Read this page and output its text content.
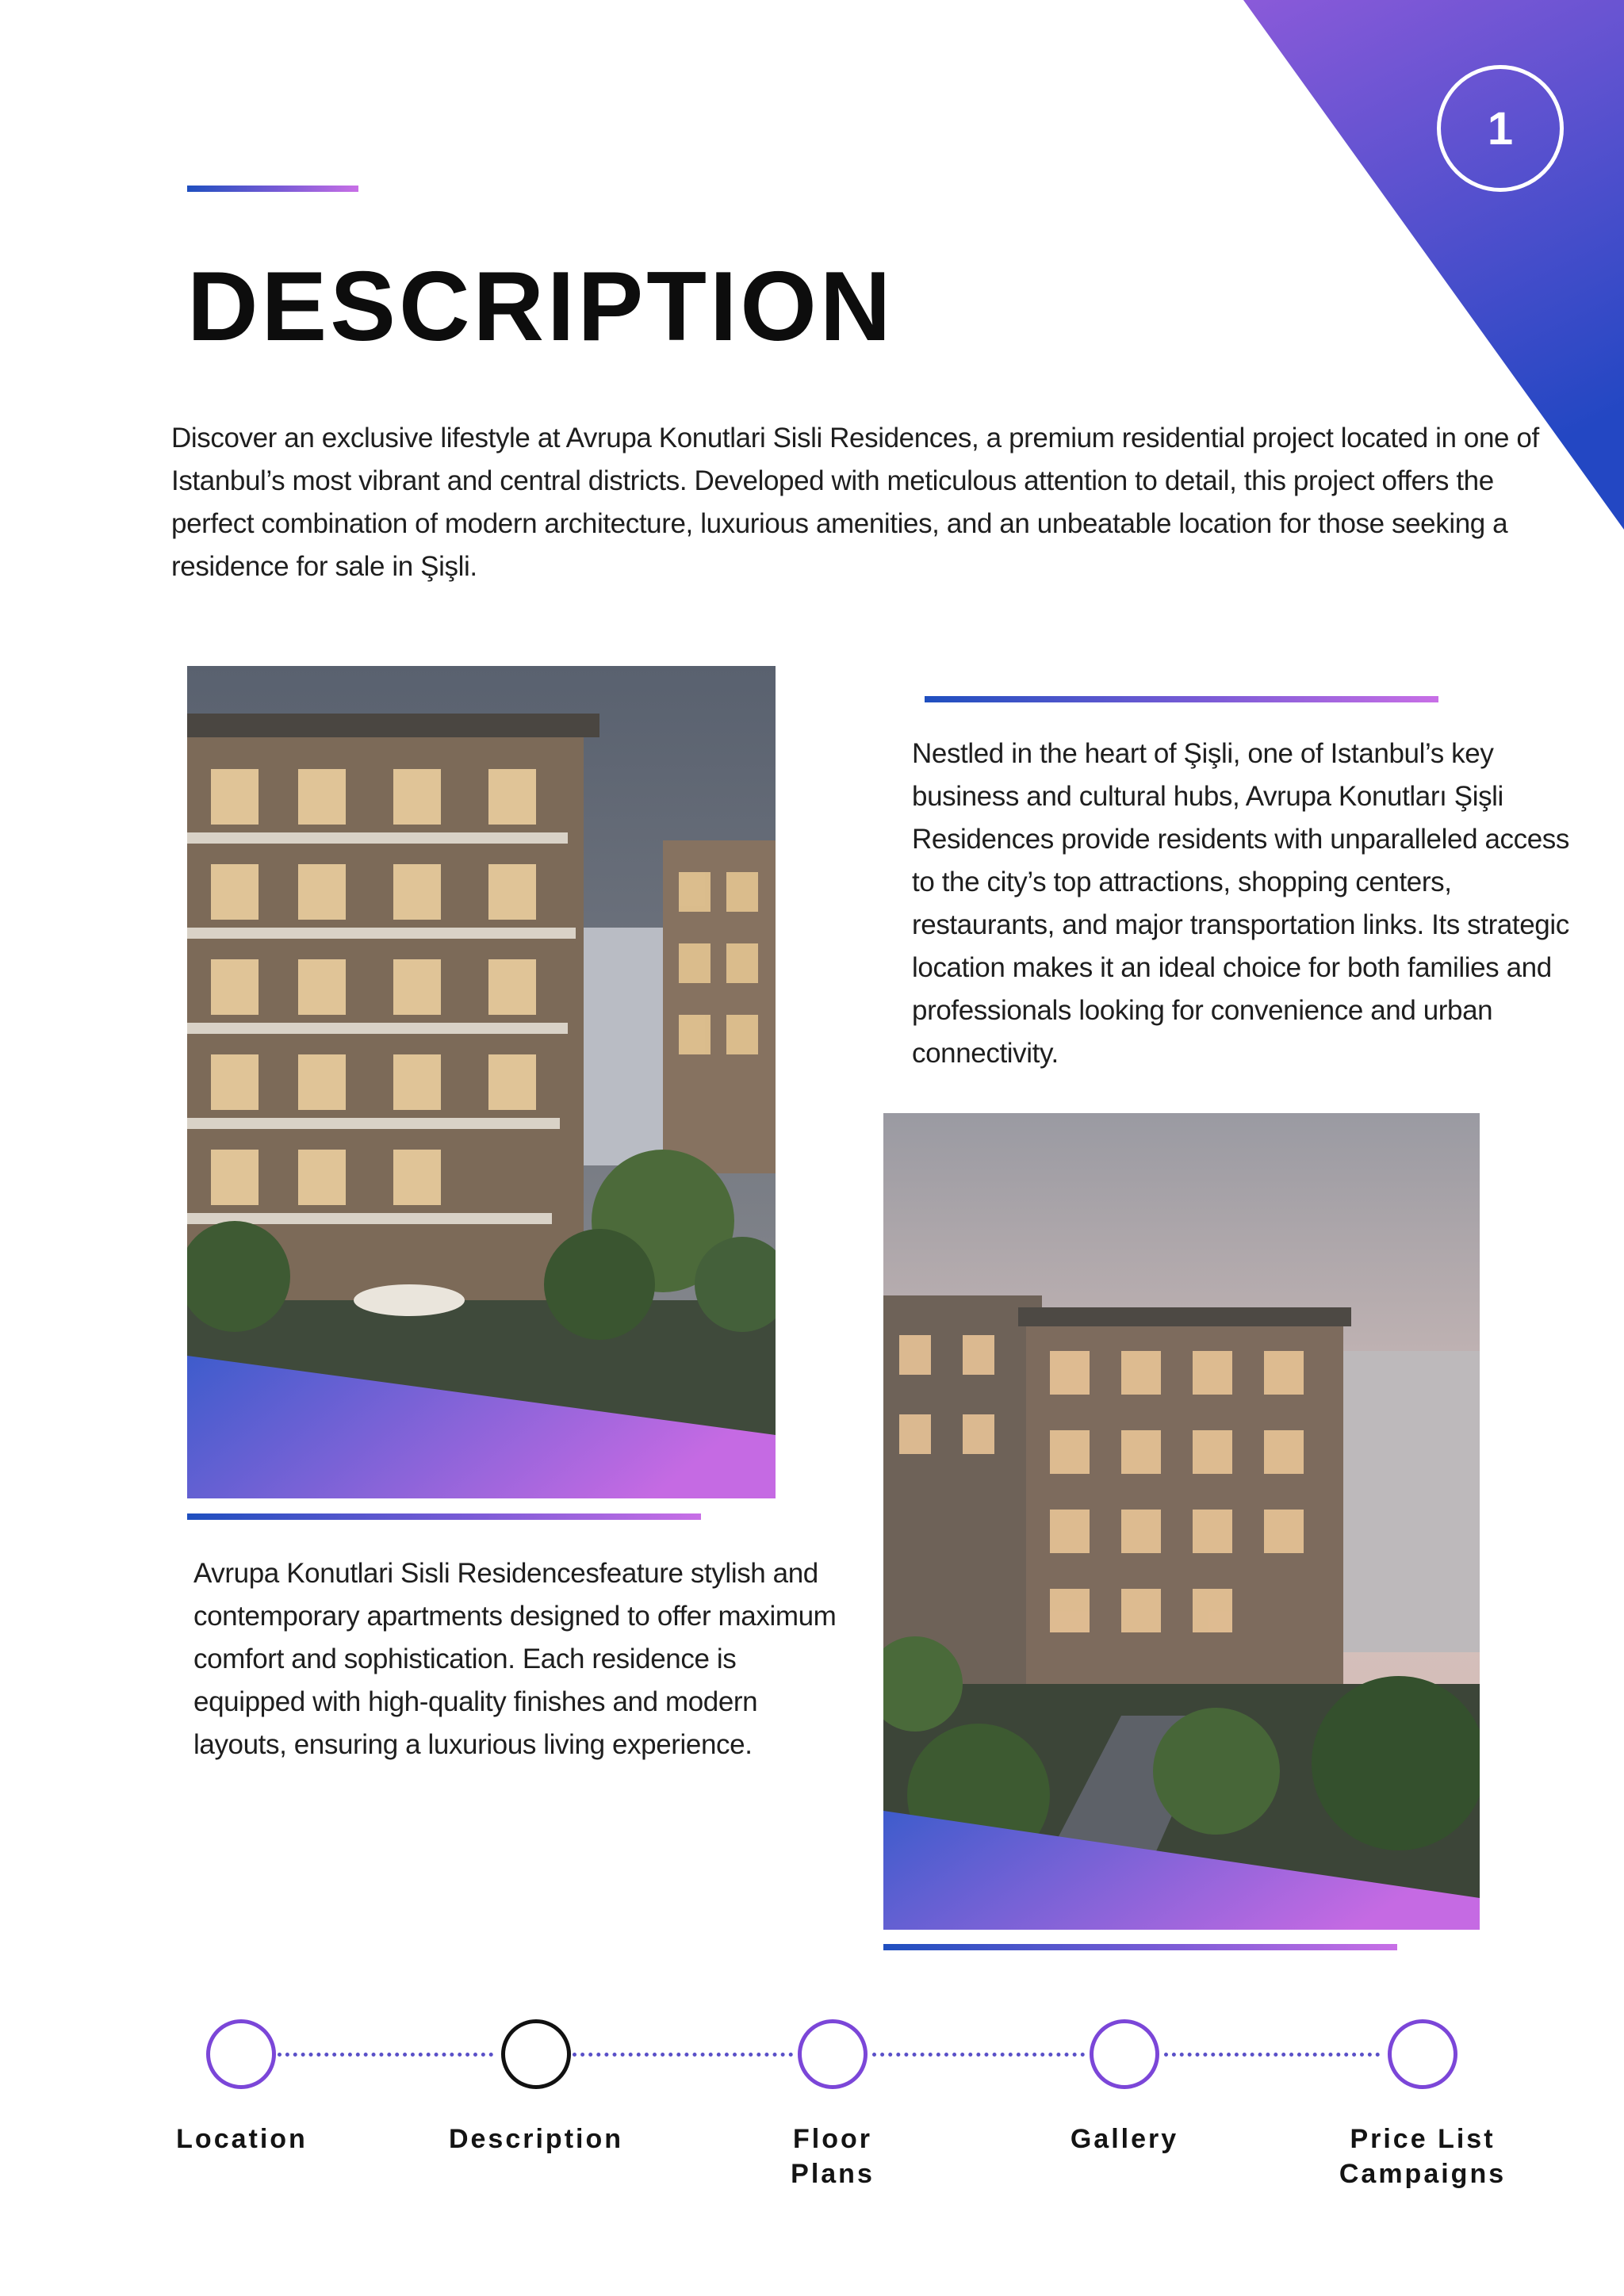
1
DESCRIPTION

Discover an exclusive lifestyle at Avrupa Konutlari Sisli Residences, a premium residential project located in one of Istanbul’s most vibrant and central districts. Developed with meticulous attention to detail, this project offers the perfect combination of modern architecture, luxurious amenities, and an unbeatable location for those seeking a residence for sale in Şişli.

Nestled in the heart of Şişli, one of Istanbul’s key business and cultural hubs, Avrupa Konutları Şişli Residences provide residents with unparalleled access to the city’s top attractions, shopping centers, restaurants, and major transportation links. Its strategic location makes it an ideal choice for both families and professionals looking for convenience and urban connectivity.

Avrupa Konutlari Sisli Residencesfeature stylish and contemporary apartments designed to offer maximum comfort and sophistication. Each residence is equipped with high-quality finishes and modern layouts, ensuring a luxurious living experience.

Location	Description	Floor
Plans
Gallery	Price List
Campaigns
